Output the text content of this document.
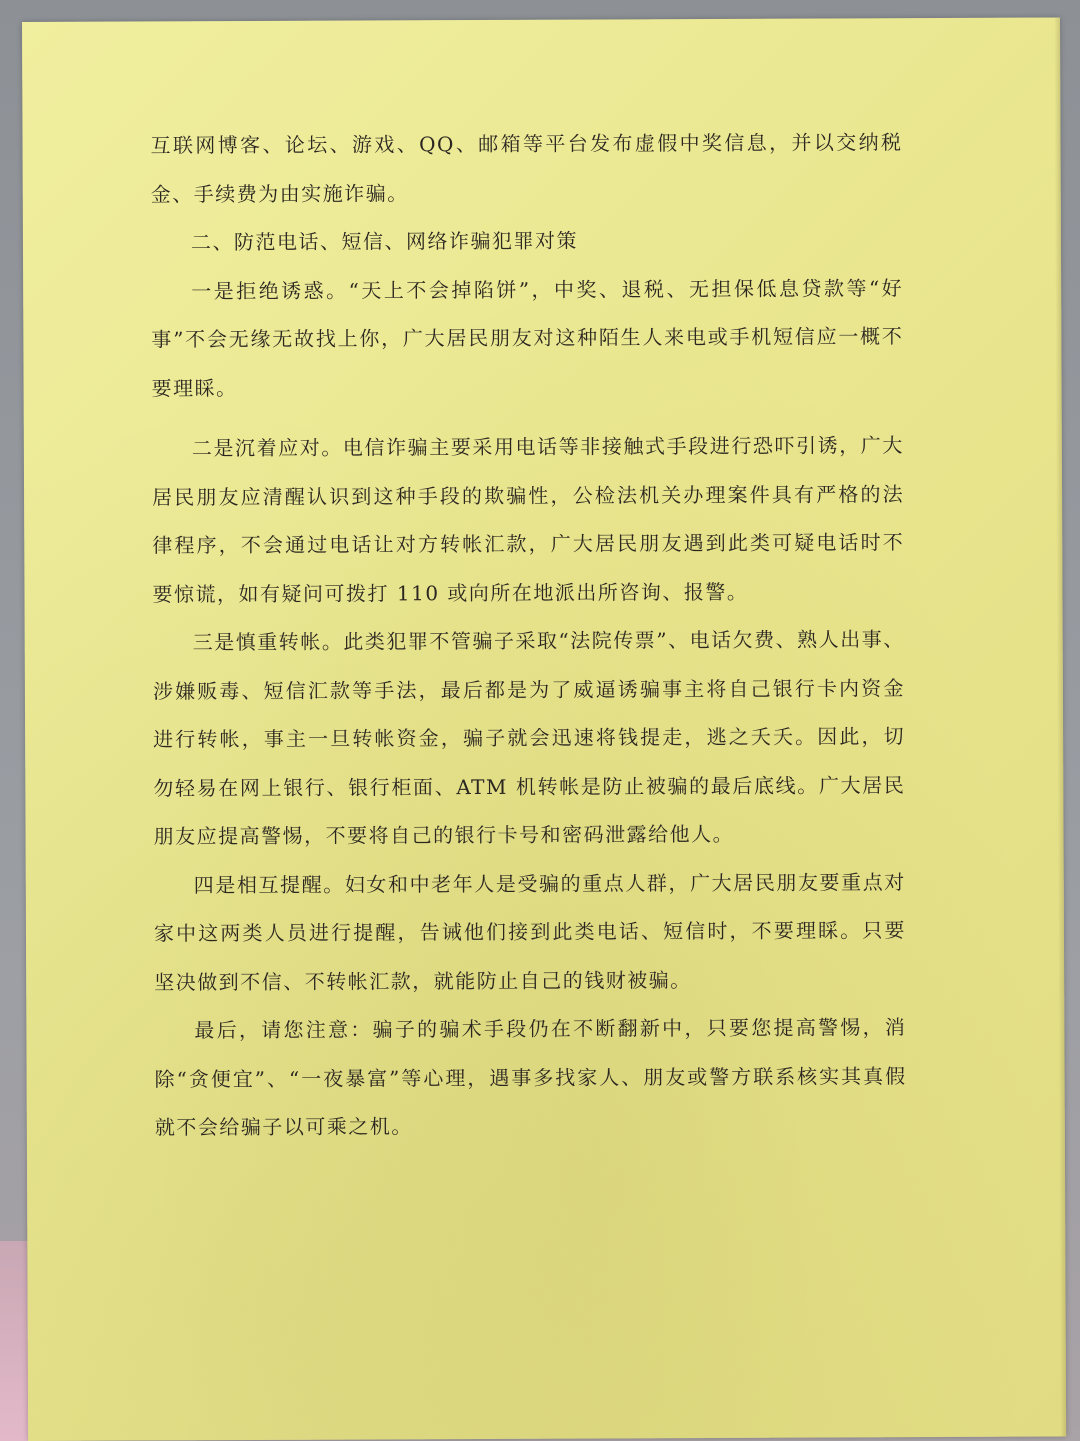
互联网博客、论坛、游戏、QQ、邮箱等平台发布虚假中奖信息，并以交纳税金、手续费为由实施诈骗。

二、防范电话、短信、网络诈骗犯罪对策

一是拒绝诱惑。“天上不会掉陷饼”，中奖、退税、无担保低息贷款等“好事”不会无缘无故找上你，广大居民朋友对这种陌生人来电或手机短信应一概不要理睬。

二是沉着应对。电信诈骗主要采用电话等非接触式手段进行恐吓引诱，广大居民朋友应清醒认识到这种手段的欺骗性，公检法机关办理案件具有严格的法律程序，不会通过电话让对方转帐汇款，广大居民朋友遇到此类可疑电话时不要惊谎，如有疑问可拨打 110 或向所在地派出所咨询、报警。

三是慎重转帐。此类犯罪不管骗子采取“法院传票”、电话欠费、熟人出事、涉嫌贩毒、短信汇款等手法，最后都是为了威逼诱骗事主将自己银行卡内资金进行转帐，事主一旦转帐资金，骗子就会迅速将钱提走，逃之夭夭。因此，切勿轻易在网上银行、银行柜面、ATM 机转帐是防止被骗的最后底线。广大居民朋友应提高警惕，不要将自己的银行卡号和密码泄露给他人。

四是相互提醒。妇女和中老年人是受骗的重点人群，广大居民朋友要重点对家中这两类人员进行提醒，告诫他们接到此类电话、短信时，不要理睬。只要坚决做到不信、不转帐汇款，就能防止自己的钱财被骗。

最后，请您注意：骗子的骗术手段仍在不断翻新中，只要您提高警惕，消除“贪便宜”、“一夜暴富”等心理，遇事多找家人、朋友或警方联系核实其真假就不会给骗子以可乘之机。
